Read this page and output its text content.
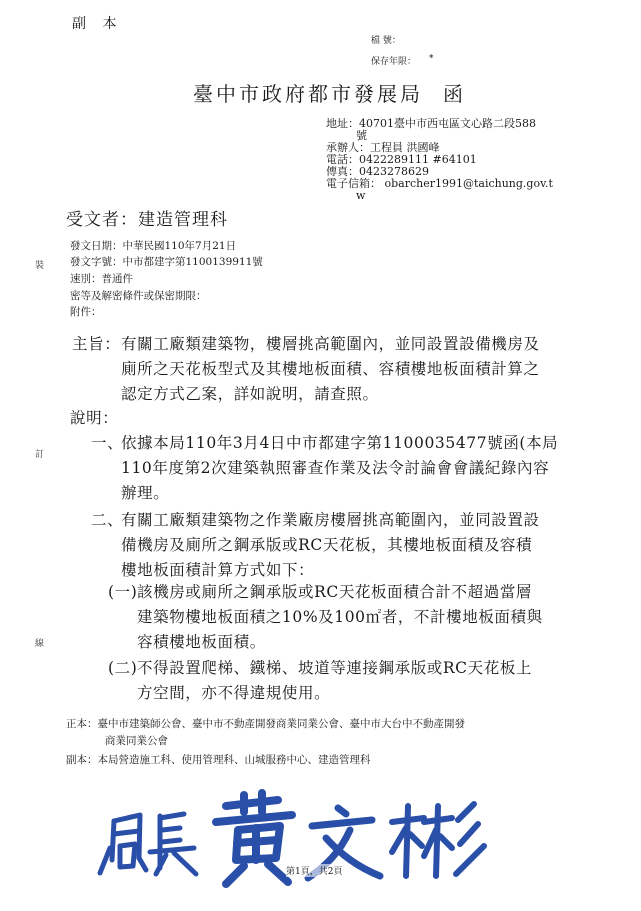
副 本
檔 號：
保存年限： *
臺中市政府都市發展局 函
地址：40701臺中市西屯區文心路二段588
號
承辦人：工程員 洪國峰
電話：0422289111 #64101
傳真：0423278629
電子信箱： obarcher1991@taichung.gov.t
w
受文者：建造管理科
發文日期：中華民國110年7月21日
發文字號：中市都建字第1100139911號
速別：普通件
密等及解密條件或保密期限：
附件：
裝
訂
線
主旨： 有關工廠類建築物，樓層挑高範圍內，並同設置設備機房及
廁所之天花板型式及其樓地板面積、容積樓地板面積計算之
認定方式乙案，詳如說明，請查照。
說明：
一、
依據本局110年3月4日中市都建字第1100035477號函(本局
110年度第2次建築執照審查作業及法令討論會會議紀錄內容
辦理。
二、
有關工廠類建築物之作業廠房樓層挑高範圍內，並同設置設
備機房及廁所之鋼承版或RC天花板，其樓地板面積及容積
樓地板面積計算方式如下：
(一) 該機房或廁所之鋼承版或RC天花板面積合計不超過當層
建築物樓地板面積之10%及100㎡者，不計樓地板面積與
容積樓地板面積。
(二) 不得設置爬梯、鐵梯、坡道等連接鋼承版或RC天花板上
方空間，亦不得違規使用。
正本：臺中市建築師公會、臺中市不動產開發商業同業公會、臺中市大台中不動產開發
商業同業公會
副本：本局營造施工科、使用管理科、山城服務中心、建造管理科
第1頁，共2頁
